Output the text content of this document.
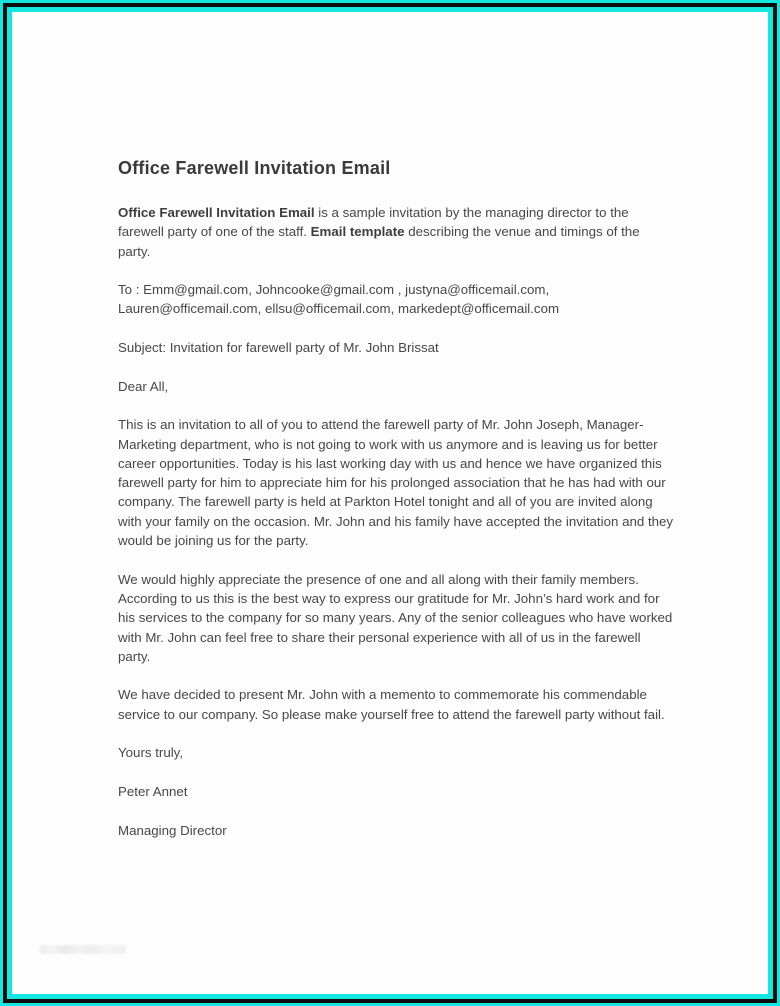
Office Farewell Invitation Email

Office Farewell Invitation Email is a sample invitation by the managing director to the farewell party of one of the staff. Email template describing the venue and timings of the party.

To : Emm@gmail.com, Johncooke@gmail.com , justyna@officemail.com, Lauren@officemail.com, ellsu@officemail.com, markedept@officemail.com

Subject: Invitation for farewell party of Mr. John Brissat

Dear All,

This is an invitation to all of you to attend the farewell party of Mr. John Joseph, Manager-Marketing department, who is not going to work with us anymore and is leaving us for better career opportunities. Today is his last working day with us and hence we have organized this farewell party for him to appreciate him for his prolonged association that he has had with our company. The farewell party is held at Parkton Hotel tonight and all of you are invited along with your family on the occasion. Mr. John and his family have accepted the invitation and they would be joining us for the party.

We would highly appreciate the presence of one and all along with their family members. According to us this is the best way to express our gratitude for Mr. John’s hard work and for his services to the company for so many years. Any of the senior colleagues who have worked with Mr. John can feel free to share their personal experience with all of us in the farewell party.

We have decided to present Mr. John with a memento to commemorate his commendable service to our company. So please make yourself free to attend the farewell party without fail.

Yours truly,

Peter Annet

Managing Director
